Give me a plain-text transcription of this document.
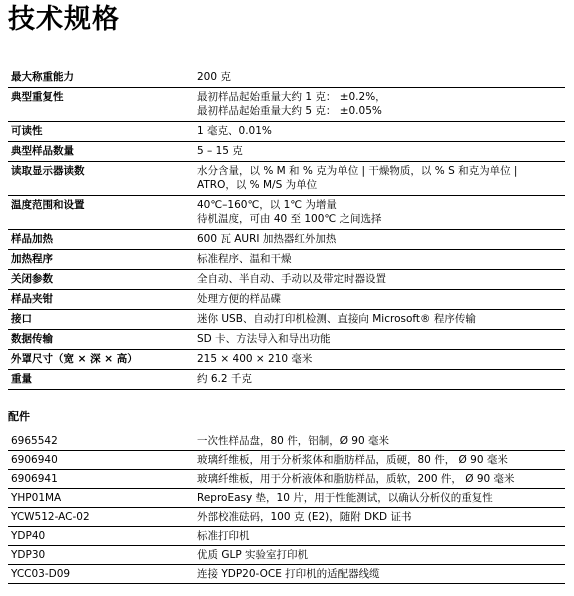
技术规格
最大称重能力	200 克
典型重复性	最初样品起始重量大约 1 克： ±0.2%，
最初样品起始重量大约 5 克： ±0.05%
可读性	1 毫克、0.01%
典型样品数量	5 – 15 克
读取显示器读数	水分含量，以 % M 和 % 克为单位 | 干燥物质，以 % S 和克为单位 |
ATRO，以 % M/S 为单位
温度范围和设置	40℃–160℃，以 1℃ 为增量
待机温度，可由 40 至 100℃ 之间选择
样品加热	600 瓦 AURI 加热器红外加热
加热程序	标准程序、温和干燥
关闭参数	全自动、半自动、手动以及带定时器设置
样品夹钳	处理方便的样品碟
接口	迷你 USB、自动打印机检测、直接向 Microsoft® 程序传输
数据传输	SD 卡、方法导入和导出功能
外罩尺寸（宽 × 深 × 高）	215 × 400 × 210 毫米
重量	约 6.2 千克
配件
6965542	一次性样品盘，80 件，铝制，Ø 90 毫米
6906940	玻璃纤维板，用于分析浆体和脂肪样品，质硬，80 件， Ø 90 毫米
6906941	玻璃纤维板，用于分析液体和脂肪样品，质软，200 件， Ø 90 毫米
YHP01MA	ReproEasy 垫，10 片，用于性能测试，以确认分析仪的重复性
YCW512-AC-02	外部校准砝码，100 克 (E2)，随附 DKD 证书
YDP40	标准打印机
YDP30	优质 GLP 实验室打印机
YCC03-D09	连接 YDP20-OCE 打印机的适配器线缆
